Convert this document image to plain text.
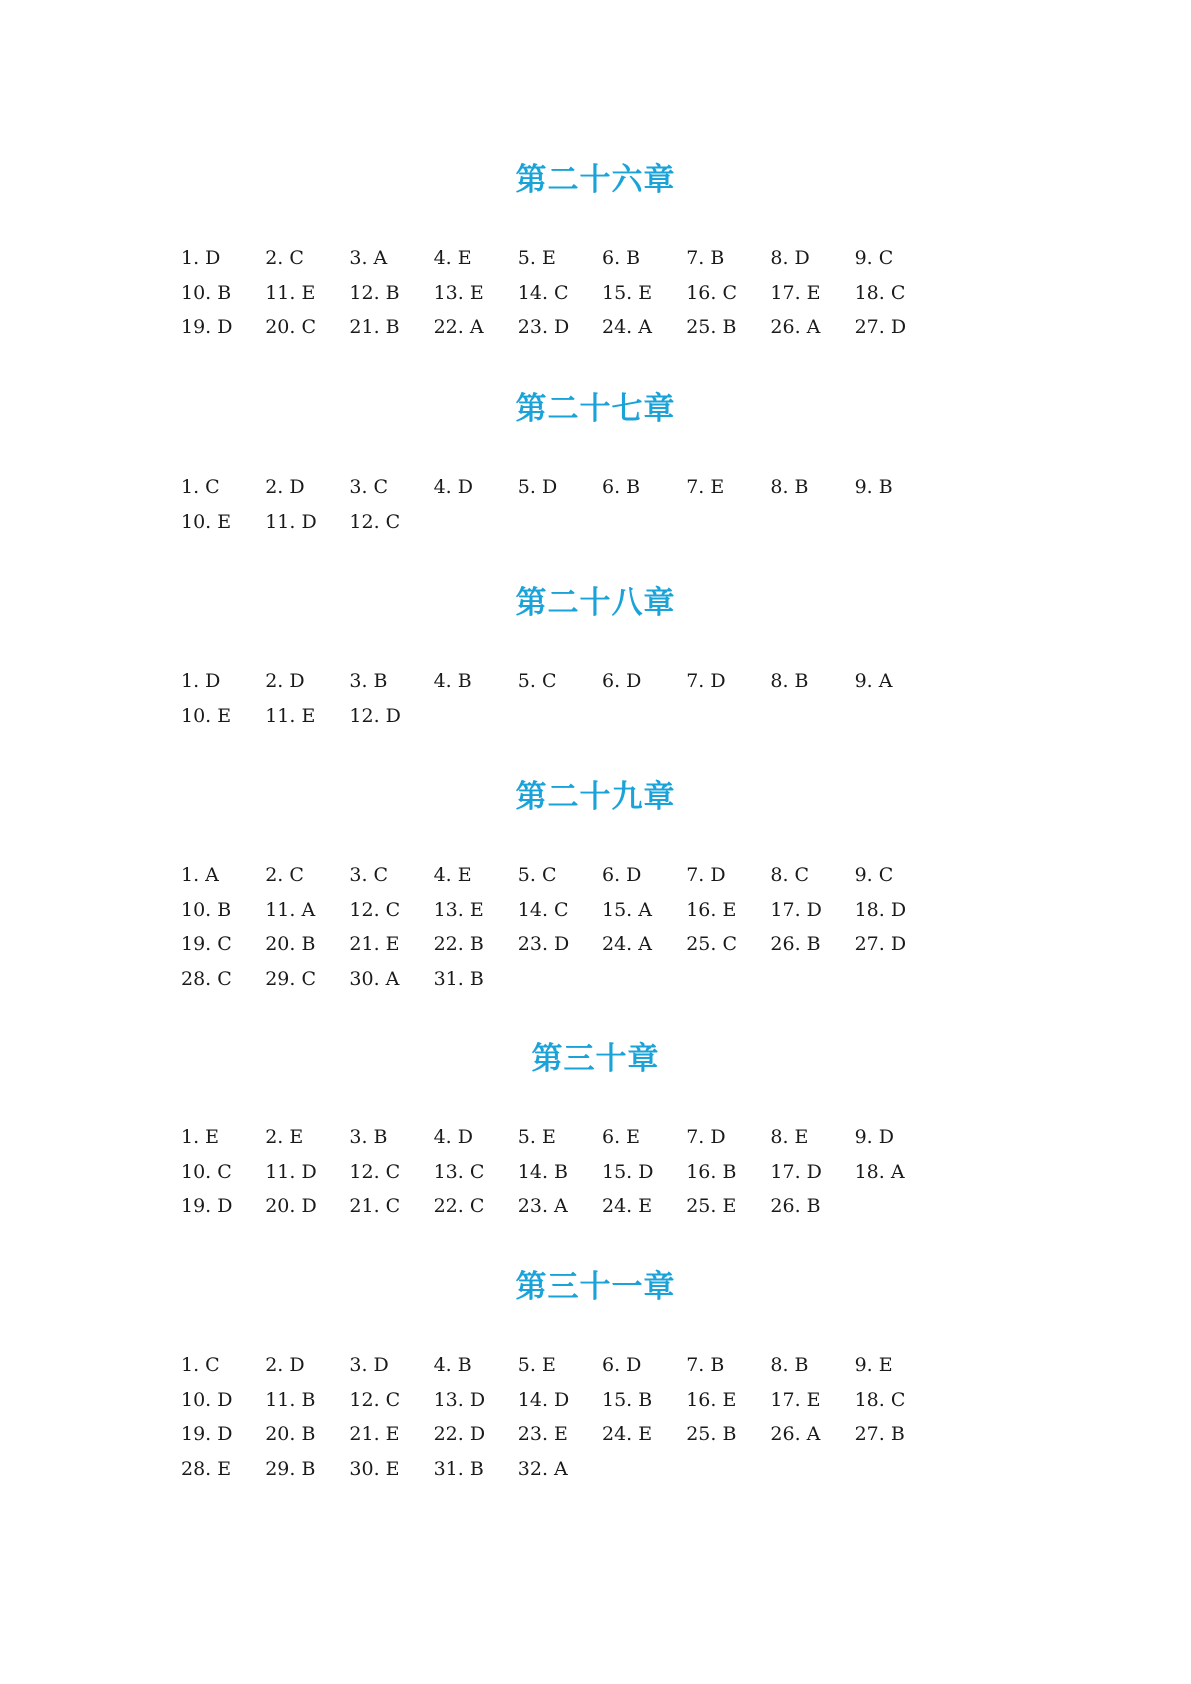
第二十六章
1. D 2. C 3. A 4. E 5. E 6. B 7. B 8. D 9. C
10. B 11. E 12. B 13. E 14. C 15. E 16. C 17. E 18. C
19. D 20. C 21. B 22. A 23. D 24. A 25. B 26. A 27. D
第二十七章
1. C 2. D 3. C 4. D 5. D 6. B 7. E 8. B 9. B
10. E 11. D 12. C
第二十八章
1. D 2. D 3. B 4. B 5. C 6. D 7. D 8. B 9. A
10. E 11. E 12. D
第二十九章
1. A 2. C 3. C 4. E 5. C 6. D 7. D 8. C 9. C
10. B 11. A 12. C 13. E 14. C 15. A 16. E 17. D 18. D
19. C 20. B 21. E 22. B 23. D 24. A 25. C 26. B 27. D
28. C 29. C 30. A 31. B
第三十章
1. E 2. E 3. B 4. D 5. E 6. E 7. D 8. E 9. D
10. C 11. D 12. C 13. C 14. B 15. D 16. B 17. D 18. A
19. D 20. D 21. C 22. C 23. A 24. E 25. E 26. B
第三十一章
1. C 2. D 3. D 4. B 5. E 6. D 7. B 8. B 9. E
10. D 11. B 12. C 13. D 14. D 15. B 16. E 17. E 18. C
19. D 20. B 21. E 22. D 23. E 24. E 25. B 26. A 27. B
28. E 29. B 30. E 31. B 32. A
